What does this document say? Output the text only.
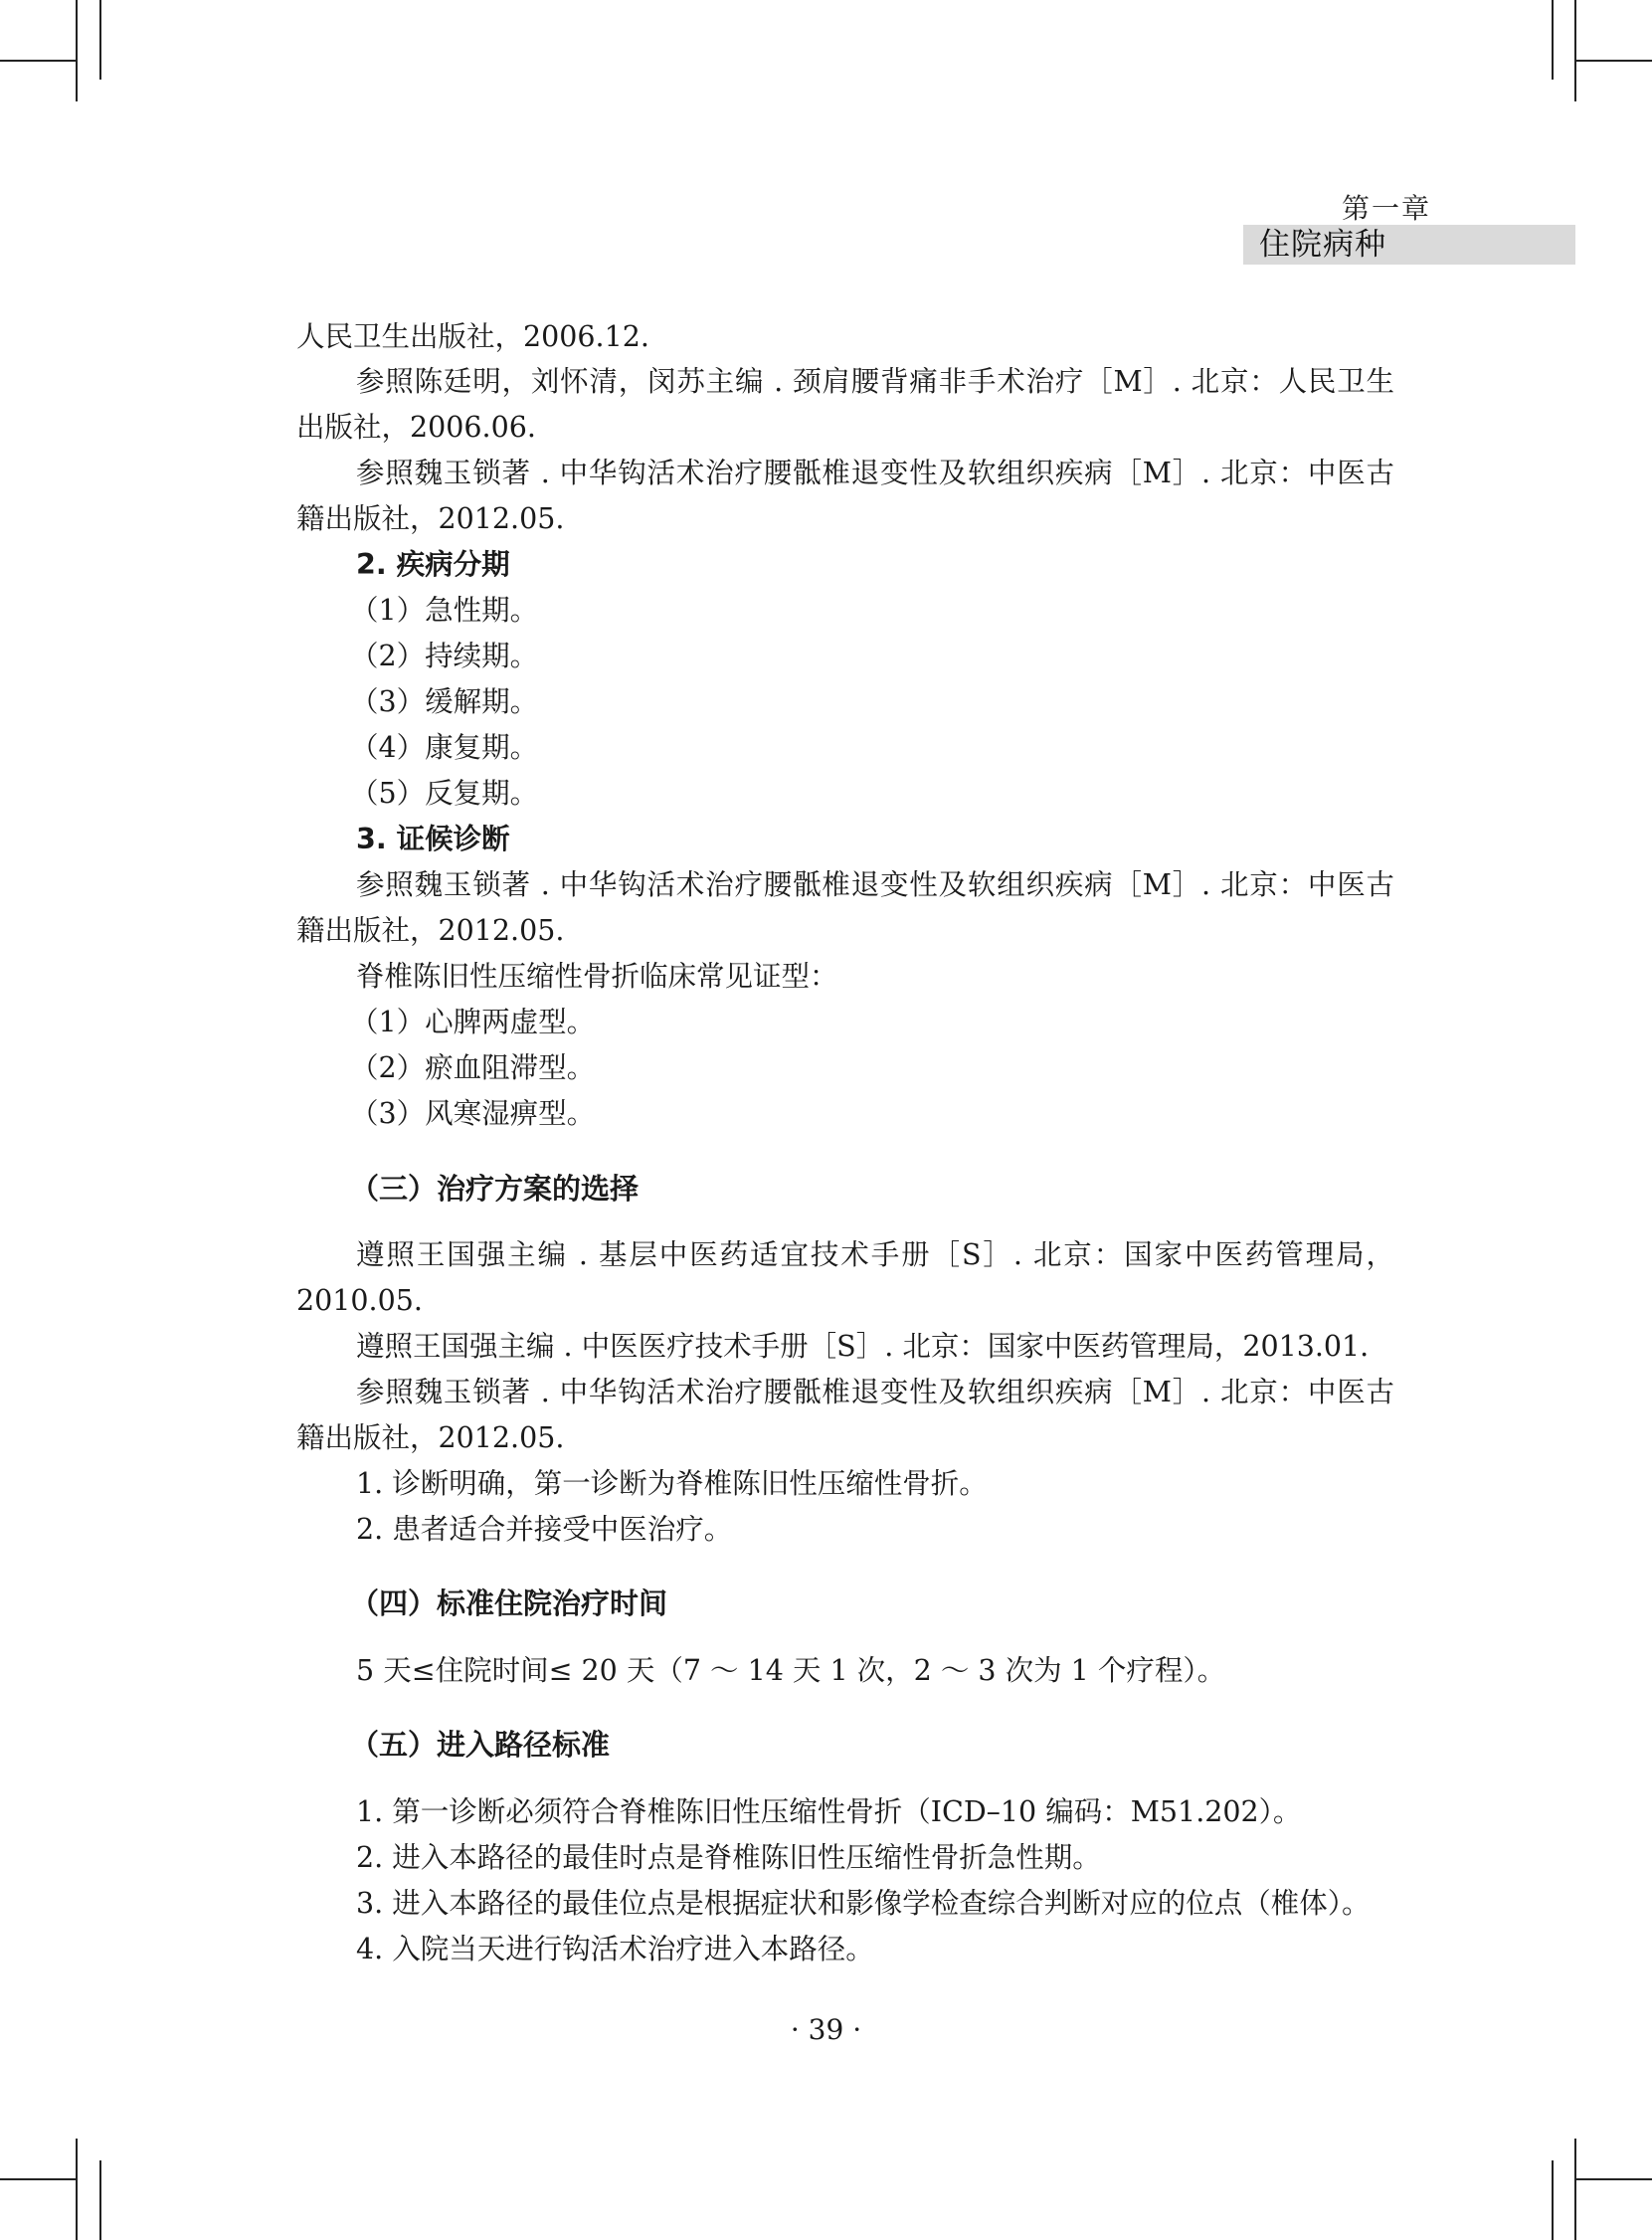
第一章
住院病种
人民卫生出版社，2006.12.
参照陈廷明，刘怀清，闵苏主编 . 颈肩腰背痛非手术治疗［M］. 北京：人民卫生
出版社，2006.06.
参照魏玉锁著 . 中华钩活术治疗腰骶椎退变性及软组织疾病［M］. 北京：中医古
籍出版社，2012.05.
2. 疾病分期
（1）急性期。
（2）持续期。
（3）缓解期。
（4）康复期。
（5）反复期。
3. 证候诊断
参照魏玉锁著 . 中华钩活术治疗腰骶椎退变性及软组织疾病［M］. 北京：中医古
籍出版社，2012.05.
脊椎陈旧性压缩性骨折临床常见证型：
（1）心脾两虚型。
（2）瘀血阻滞型。
（3）风寒湿痹型。
（三）治疗方案的选择
遵照王国强主编 . 基层中医药适宜技术手册［S］. 北京：国家中医药管理局，
2010.05.
遵照王国强主编 . 中医医疗技术手册［S］. 北京：国家中医药管理局，2013.01.
参照魏玉锁著 . 中华钩活术治疗腰骶椎退变性及软组织疾病［M］. 北京：中医古
籍出版社，2012.05.
1. 诊断明确，第一诊断为脊椎陈旧性压缩性骨折。
2. 患者适合并接受中医治疗。
（四）标准住院治疗时间
5 天≤住院时间≤ 20 天（7 ～ 14 天 1 次，2 ～ 3 次为 1 个疗程）。
（五）进入路径标准
1. 第一诊断必须符合脊椎陈旧性压缩性骨折（ICD–10 编码：M51.202）。
2. 进入本路径的最佳时点是脊椎陈旧性压缩性骨折急性期。
3. 进入本路径的最佳位点是根据症状和影像学检查综合判断对应的位点（椎体）。
4. 入院当天进行钩活术治疗进入本路径。
· 39 ·
